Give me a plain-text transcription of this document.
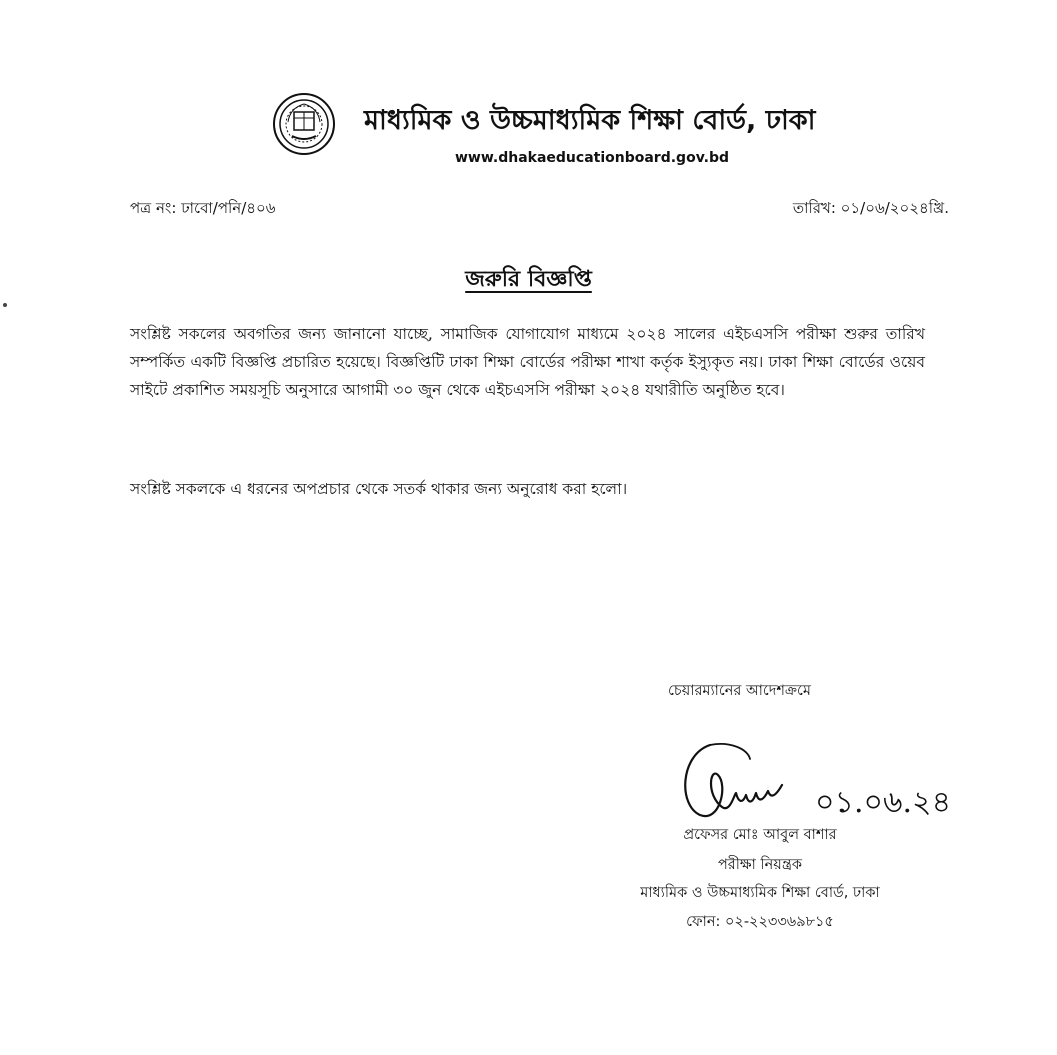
মাধ্যমিক ও উচ্চমাধ্যমিক শিক্ষা বোর্ড, ঢাকা
www.dhakaeducationboard.gov.bd
পত্র নং: ঢাবো/পনি/৪০৬	তারিখ: ০১/০৬/২০২৪খ্রি.
জরুরি বিজ্ঞপ্তি
সংশ্লিষ্ট সকলের অবগতির জন্য জানানো যাচ্ছে, সামাজিক যোগাযোগ মাধ্যমে ২০২৪ সালের এইচএসসি পরীক্ষা শুরুর তারিখ সম্পর্কিত একটি বিজ্ঞপ্তি প্রচারিত হয়েছে। বিজ্ঞপ্তিটি ঢাকা শিক্ষা বোর্ডের পরীক্ষা শাখা কর্তৃক ইস্যুকৃত নয়। ঢাকা শিক্ষা বোর্ডের ওয়েব সাইটে প্রকাশিত সময়সূচি অনুসারে আগামী ৩০ জুন থেকে এইচএসসি পরীক্ষা ২০২৪ যথারীতি অনুষ্ঠিত হবে।
সংশ্লিষ্ট সকলকে এ ধরনের অপপ্রচার থেকে সতর্ক থাকার জন্য অনুরোধ করা হলো।
চেয়ারম্যানের আদেশক্রমে
০১.০৬.২৪
প্রফেসর মোঃ আবুল বাশার
পরীক্ষা নিয়ন্ত্রক
মাধ্যমিক ও উচ্চমাধ্যমিক শিক্ষা বোর্ড, ঢাকা
ফোন: ০২-২২৩৩৬৯৮১৫
